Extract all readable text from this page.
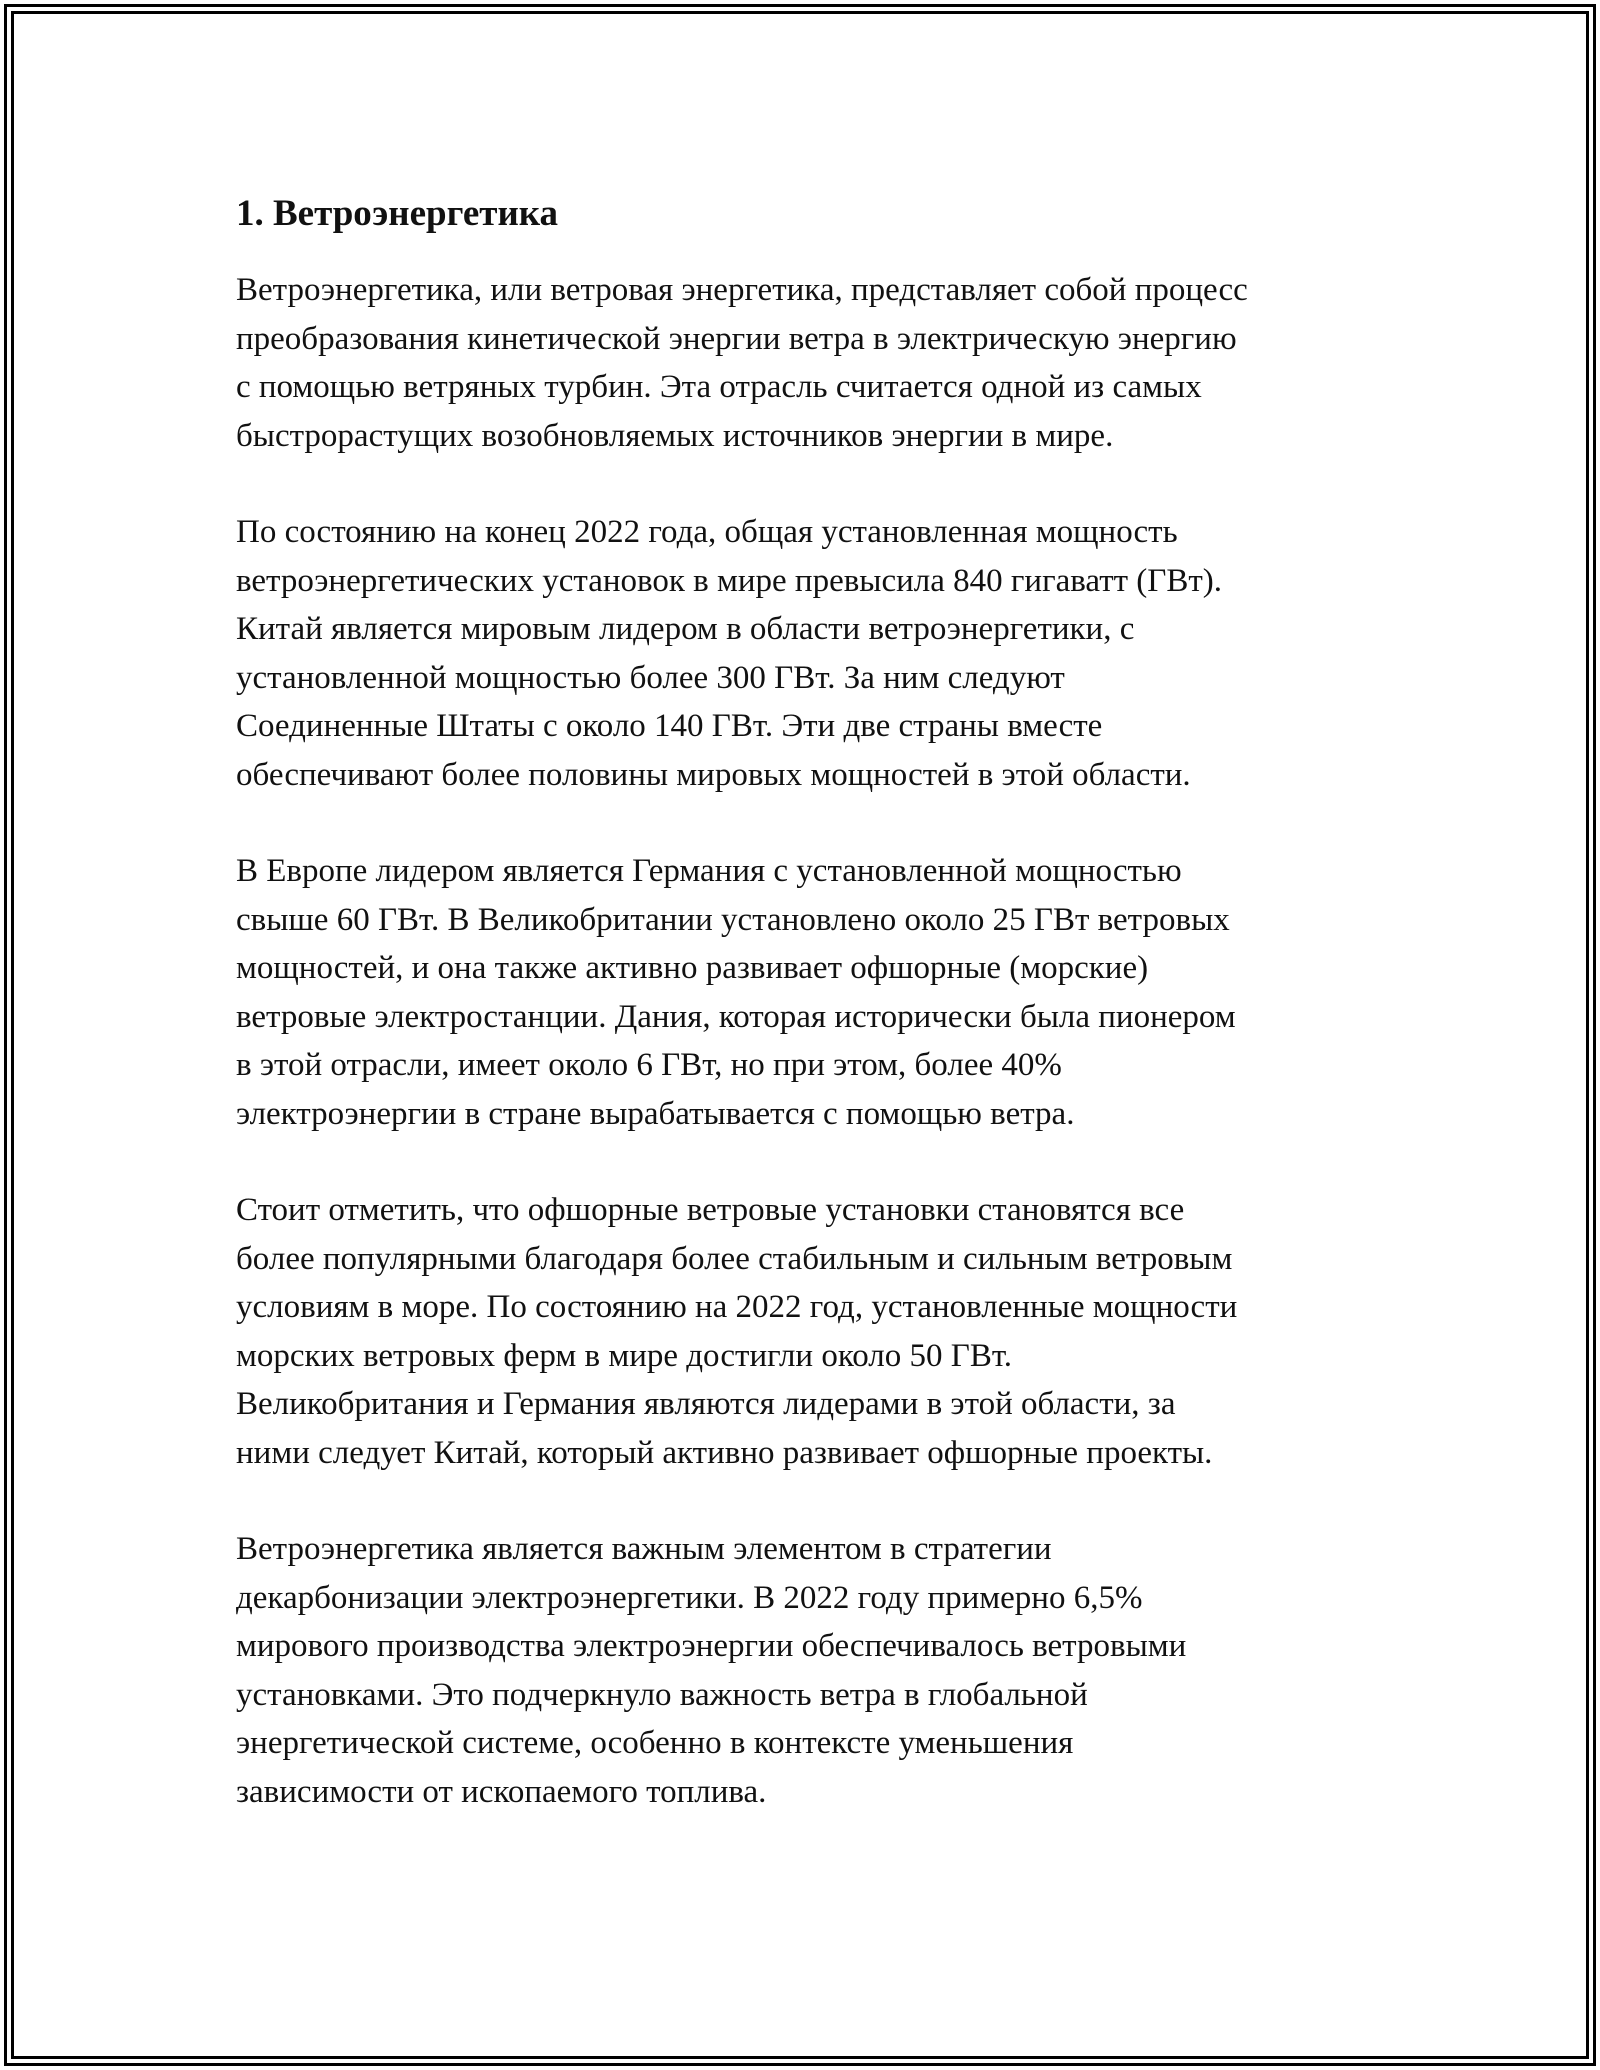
1. Ветроэнергетика

Ветроэнергетика, или ветровая энергетика, представляет собой процесс
преобразования кинетической энергии ветра в электрическую энергию
с помощью ветряных турбин. Эта отрасль считается одной из самых
быстрорастущих возобновляемых источников энергии в мире.

По состоянию на конец 2022 года, общая установленная мощность
ветроэнергетических установок в мире превысила 840 гигаватт (ГВт).
Китай является мировым лидером в области ветроэнергетики, с
установленной мощностью более 300 ГВт. За ним следуют
Соединенные Штаты с около 140 ГВт. Эти две страны вместе
обеспечивают более половины мировых мощностей в этой области.

В Европе лидером является Германия с установленной мощностью
свыше 60 ГВт. В Великобритании установлено около 25 ГВт ветровых
мощностей, и она также активно развивает офшорные (морские)
ветровые электростанции. Дания, которая исторически была пионером
в этой отрасли, имеет около 6 ГВт, но при этом, более 40%
электроэнергии в стране вырабатывается с помощью ветра.

Стоит отметить, что офшорные ветровые установки становятся все
более популярными благодаря более стабильным и сильным ветровым
условиям в море. По состоянию на 2022 год, установленные мощности
морских ветровых ферм в мире достигли около 50 ГВт.
Великобритания и Германия являются лидерами в этой области, за
ними следует Китай, который активно развивает офшорные проекты.

Ветроэнергетика является важным элементом в стратегии
декарбонизации электроэнергетики. В 2022 году примерно 6,5%
мирового производства электроэнергии обеспечивалось ветровыми
установками. Это подчеркнуло важность ветра в глобальной
энергетической системе, особенно в контексте уменьшения
зависимости от ископаемого топлива.
